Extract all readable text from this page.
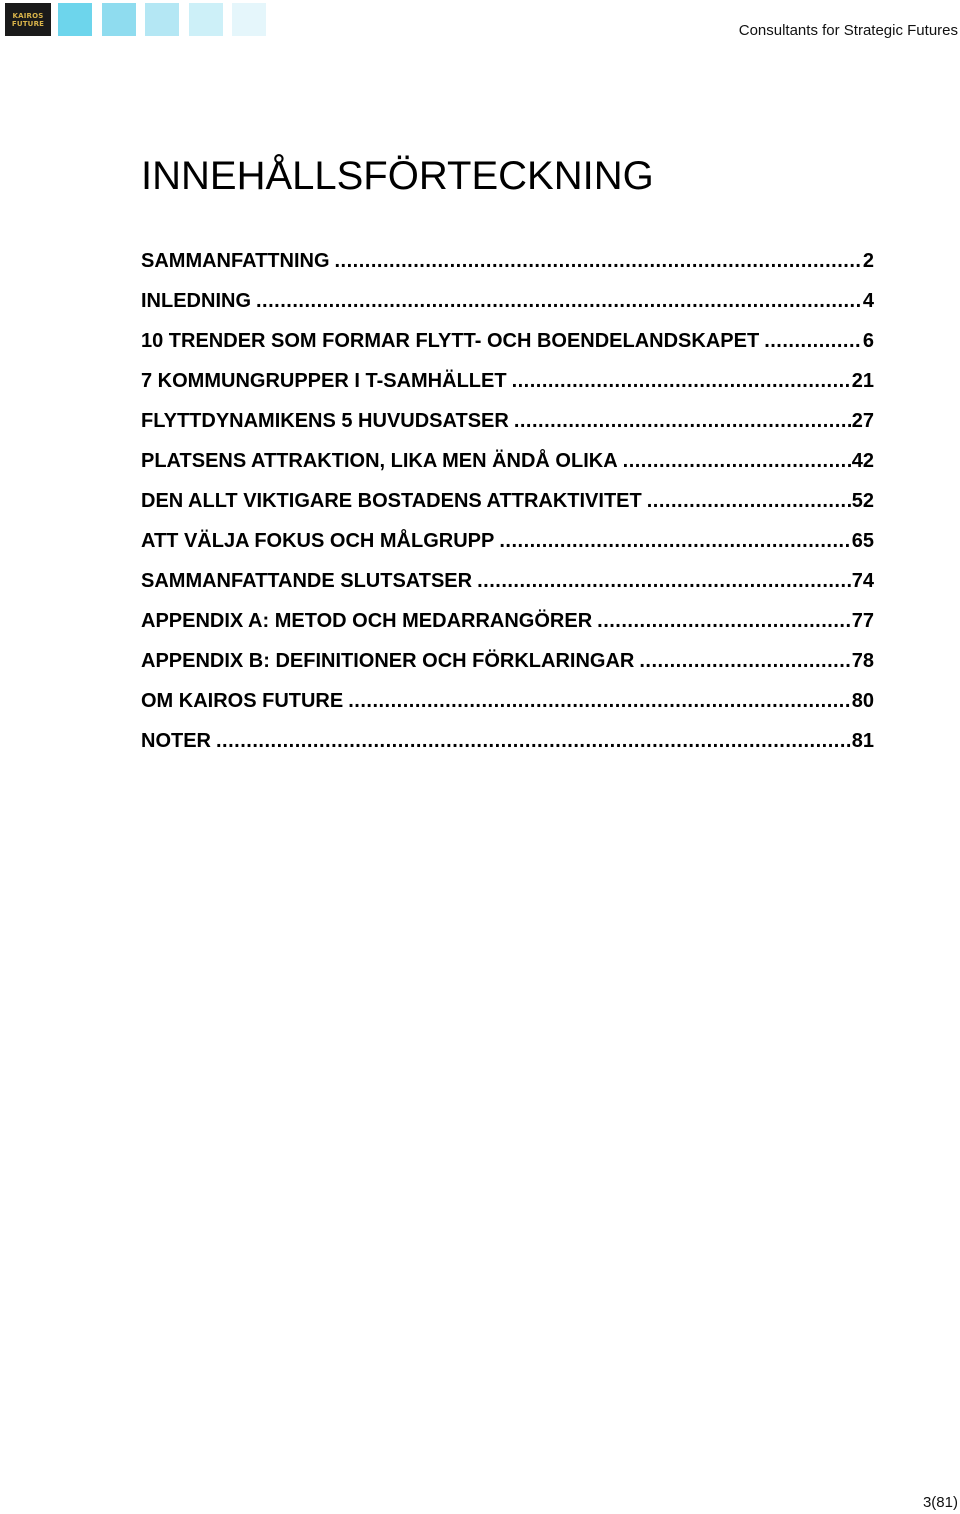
KAIROS
FUTURE	Consultants for Strategic Futures
INNEHÅLLSFÖRTECKNING
SAMMANFATTNING .....	2
INLEDNING .....	4
10 TRENDER SOM FORMAR FLYTT- OCH BOENDELANDSKAPET .....	6
7 KOMMUNGRUPPER I T-SAMHÄLLET .....	21
FLYTTDYNAMIKENS 5 HUVUDSATSER .....	27
PLATSENS ATTRAKTION, LIKA MEN ÄNDÅ OLIKA .....	42
DEN ALLT VIKTIGARE BOSTADENS ATTRAKTIVITET .....	52
ATT VÄLJA FOKUS OCH MÅLGRUPP .....	65
SAMMANFATTANDE SLUTSATSER .....	74
APPENDIX A: METOD OCH MEDARRANGÖRER .....	77
APPENDIX B: DEFINITIONER OCH FÖRKLARINGAR .....	78
OM KAIROS FUTURE .....	80
NOTER .....	81
3(81)
